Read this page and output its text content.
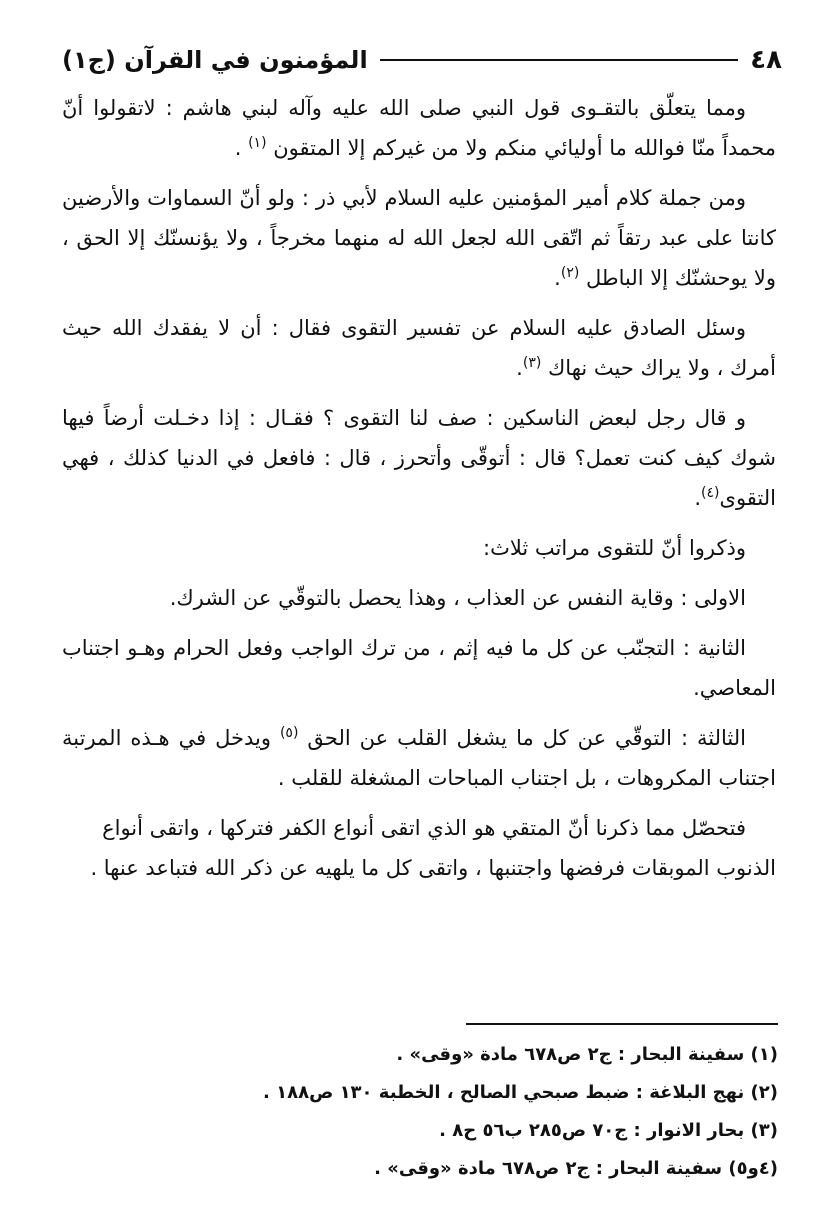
٤٨
المؤمنون في القرآن (ج١)

ومما يتعلّق بالتقـوى قول النبي صلى الله عليه وآله لبني هاشم : لاتقولوا أنّ محمداً منّا فوالله ما أوليائي منكم ولا من غيركم إلا المتقون $^{(١)}$ .

ومن جملة كلام أمير المؤمنين عليه السلام لأبي ذر : ولو أنّ السماوات والأرضين كانتا على عبد رتقاً ثم اتّقى الله لجعل الله له منهما مخرجاً ، ولا يؤنسنّك إلا الحق ، ولا يوحشنّك إلا الباطل $^{(٢)}$.

وسئل الصادق عليه السلام عن تفسير التقوى فقال : أن لا يفقدك الله حيث أمرك ، ولا يراك حيث نهاك $^{(٣)}$.

و قال رجل لبعض الناسكين : صف لنا التقوى ؟ فقـال : إذا دخـلت أرضاً فيها شوك كيف كنت تعمل؟ قال : أتوقّى وأتحرز ، قال : فافعل في الدنيا كذلك ، فهي التقوى$^{(٤)}$.

وذكروا أنّ للتقوى مراتب ثلاث:

الاولى : وقاية النفس عن العذاب ، وهذا يحصل بالتوقّي عن الشرك.

الثانية : التجنّب عن كل ما فيه إثم ، من ترك الواجب وفعل الحرام وهـو اجتناب المعاصي.

الثالثة : التوقّي عن كل ما يشغل القلب عن الحق $^{(٥)}$ ويدخل في هـذه المرتبة اجتناب المكروهات ، بل اجتناب المباحات المشغلة للقلب .

فتحصّل مما ذكرنا أنّ المتقي هو الذي اتقى أنواع الكفر فتركها ، واتقى أنواع الذنوب الموبقات فرفضها واجتنبها ، واتقى كل ما يلهيه عن ذكر الله فتباعد عنها .

(١) سفينة البحار : ج٢ ص٦٧٨ مادة «وقى» .
(٢) نهج البلاغة : ضبط صبحي الصالح ، الخطبة ١٣٠ ص١٨٨ .
(٣) بحار الانوار : ج٧٠ ص٢٨٥ ب٥٦ ح٨ .
(٤و٥) سفينة البحار : ج٢ ص٦٧٨ مادة «وقى» .
